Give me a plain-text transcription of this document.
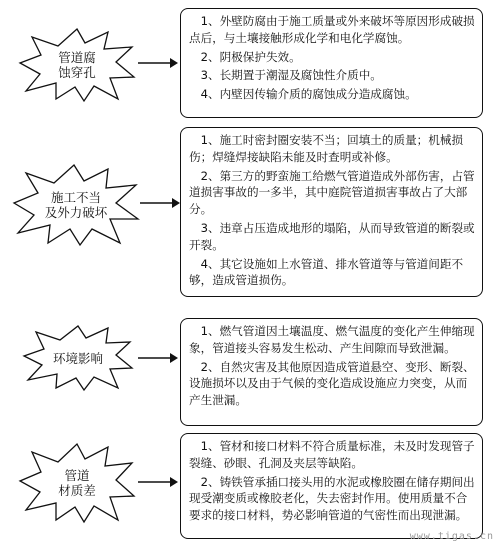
管道腐
蚀穿孔

1、外壁防腐由于施工质量或外来破坏等原因形成破损点后，与土壤接触形成化学和电化学腐蚀。

2、阴极保护失效。

3、长期置于潮湿及腐蚀性介质中。

4、内壁因传输介质的腐蚀成分造成腐蚀。

施工不当
及外力破坏

1、施工时密封圈安装不当；回填土的质量；机械损伤；焊缝焊接缺陷未能及时查明或补修。

2、第三方的野蛮施工给燃气管道造成外部伤害，占管道损害事故的一多半，其中庭院管道损害事故占了大部分。

3、违章占压造成地形的塌陷，从而导致管道的断裂或开裂。

4、其它设施如上水管道、排水管道等与管道间距不够，造成管道损伤。

环境影响

1、燃气管道因土壤温度、燃气温度的变化产生伸缩现象，管道接头容易发生松动、产生间隙而导致泄漏。

2、自然灾害及其他原因造成管道悬空、变形、断裂、设施损坏以及由于气候的变化造成设施应力突变，从而产生泄漏。

管道
材质差

1、管材和接口材料不符合质量标准，未及时发现管子裂缝、砂眼、孔洞及夹层等缺陷。

2、铸铁管承插口接头用的水泥或橡胶圈在储存期间出现受潮变质或橡胶老化，失去密封作用。使用质量不合要求的接口材料，势必影响管道的气密性而出现泄漏。

www.tigas.cn
